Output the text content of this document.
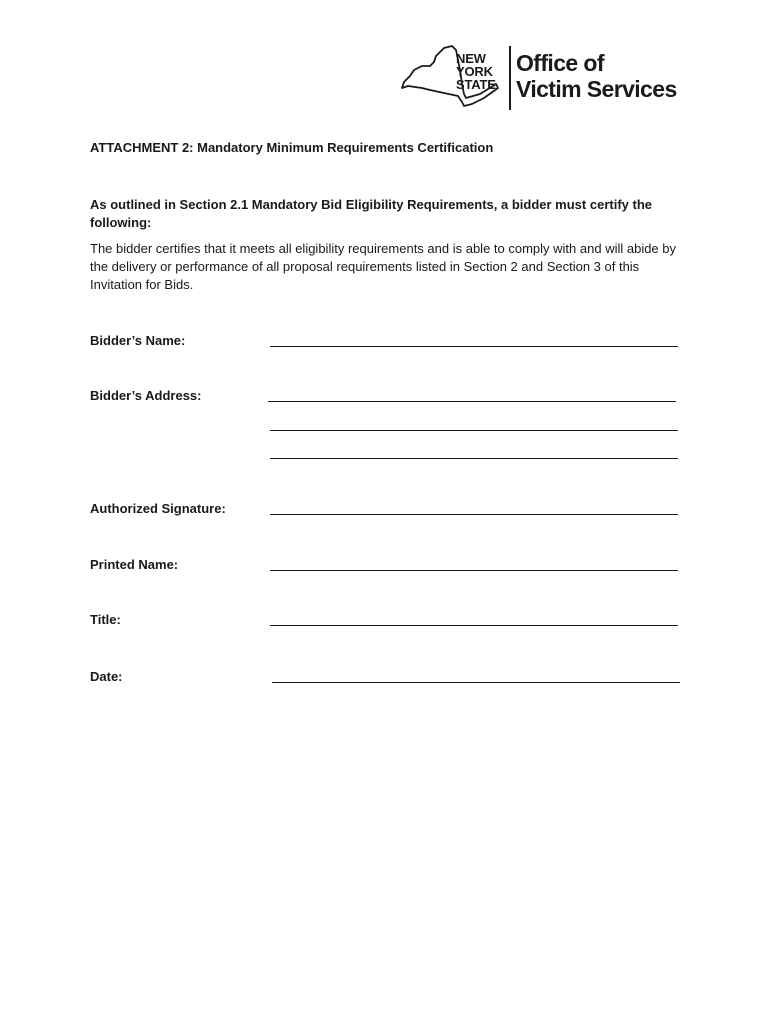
NEW
YORK
STATE
Office of
Victim Services
ATTACHMENT 2: Mandatory Minimum Requirements Certification
As outlined in Section 2.1 Mandatory Bid Eligibility Requirements, a bidder must certify the following:
The bidder certifies that it meets all eligibility requirements and is able to comply with and will abide by the delivery or performance of all proposal requirements listed in Section 2 and Section 3 of this Invitation for Bids.
Bidder’s Name:
Bidder’s Address:
Authorized Signature:
Printed Name:
Title:
Date:
